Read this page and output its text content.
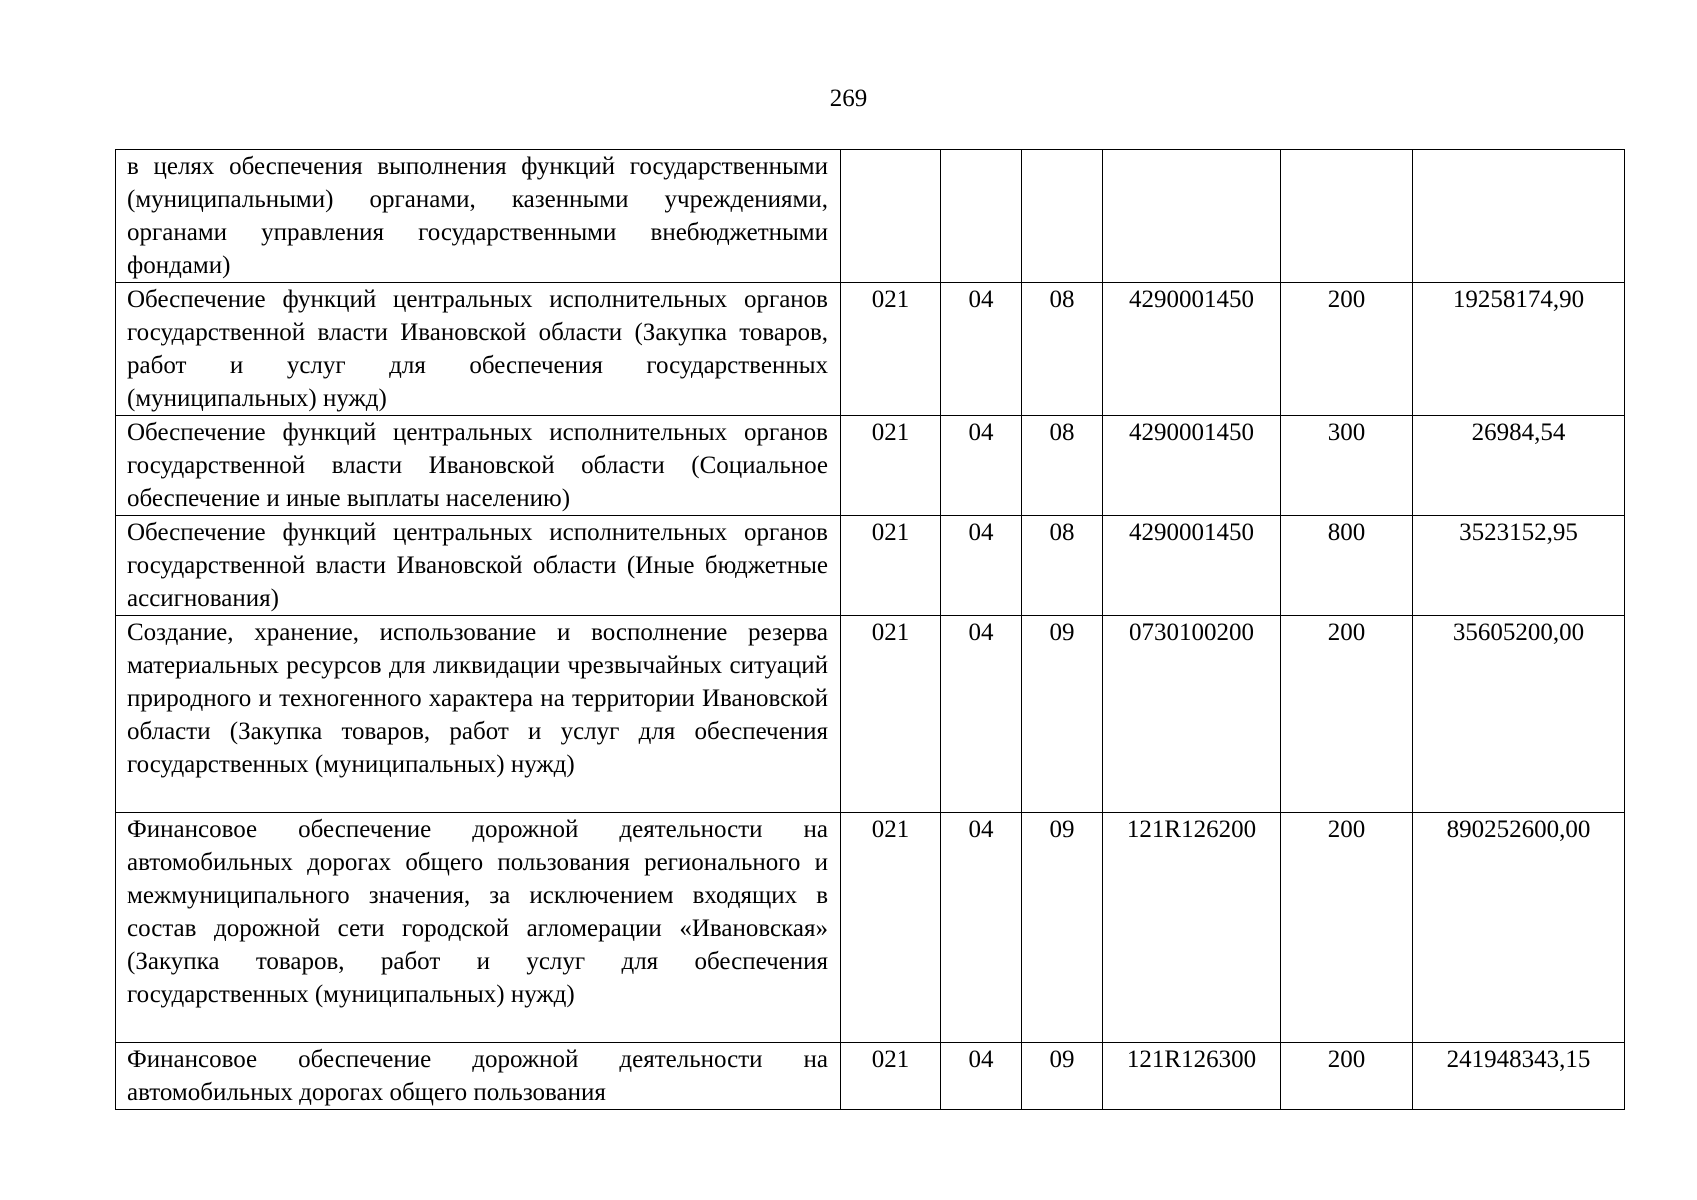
269
в целях обеспечения выполнения функций государственными (муниципальными) органами, казенными учреждениями, органами управления государственными внебюджетными фондами)						
Обеспечение функций центральных исполнительных органов государственной власти Ивановской области (Закупка товаров, работ и услуг для обеспечения государственных (муниципальных) нужд)	021	04	08	4290001450	200	19258174,90
Обеспечение функций центральных исполнительных органов государственной власти Ивановской области (Социальное обеспечение и иные выплаты населению)	021	04	08	4290001450	300	26984,54
Обеспечение функций центральных исполнительных органов государственной власти Ивановской области (Иные бюджетные ассигнования)	021	04	08	4290001450	800	3523152,95
Создание, хранение, использование и восполнение резерва материальных ресурсов для ликвидации чрезвычайных ситуаций природного и техногенного характера на территории Ивановской области (Закупка товаров, работ и услуг для обеспечения государственных (муниципальных) нужд)	021	04	09	0730100200	200	35605200,00
Финансовое обеспечение дорожной деятельности на автомобильных дорогах общего пользования регионального и межмуниципального значения, за исключением входящих в состав дорожной сети городской агломерации «Ивановская» (Закупка товаров, работ и услуг для обеспечения государственных (муниципальных) нужд)	021	04	09	121R126200	200	890252600,00
Финансовое обеспечение дорожной деятельности на автомобильных дорогах общего пользования	021	04	09	121R126300	200	241948343,15
